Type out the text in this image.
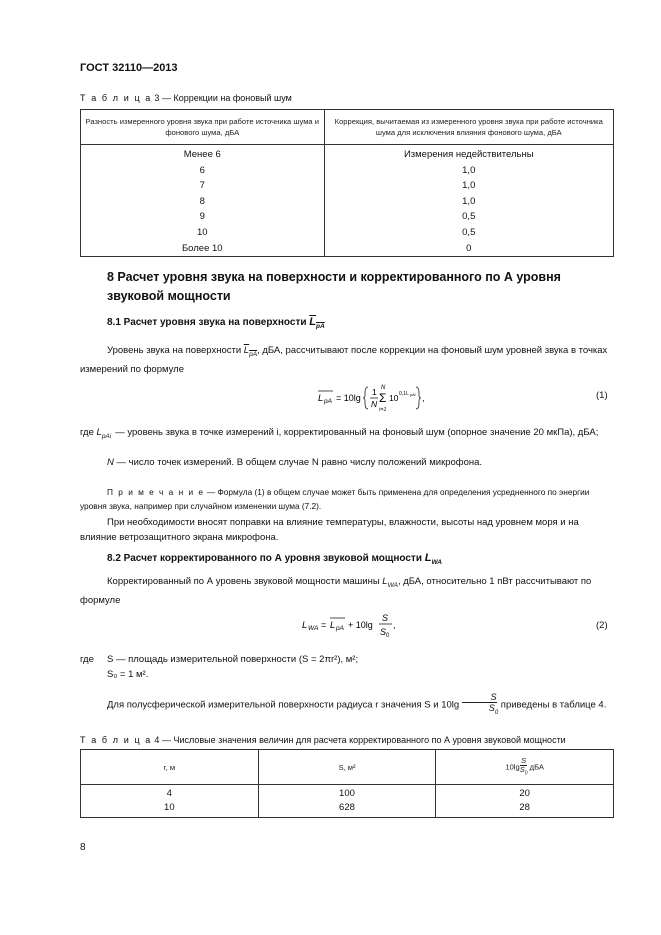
ГОСТ 32110—2013
Т а б л и ц а 3 — Коррекции на фоновый шум
Разность измеренного уровня звука при работе источника шума и фонового шума, дБА	Коррекция, вычитаемая из измеренного уровня звука при работе источника шума для исключения влияния фонового шума, дБА
Менее 6	Измерения недействительны
6	1,0
7	1,0
8	1,0
9	0,5
10	0,5
Более 10	0
8 Расчет уровня звука на поверхности и корректированного по А уровня звуковой мощности
8.1 Расчет уровня звука на поверхности $L_{pA}$
Уровень звука на поверхности $L_{pA}$, дБА, рассчитывают после коррекции на фоновый шум уровней звука в точках измерений по формуле
L pA = 10lg
1
N
N
Σ
i=1
10 0,1L pAi ,	(1)
где $L_{pAi}$ — уровень звука в точке измерений i, корректированный на фоновый шум (опорное значение 20 мкПа), дБА;
N — число точек измерений. В общем случае N равно числу положений микрофона.
П р и м е ч а н и е — Формула (1) в общем случае может быть применена для определения усредненного по энергии уровня звука, например при случайном изменении шума (7.2).
При необходимости вносят поправки на влияние температуры, влажности, высоты над уровнем моря и на влияние ветрозащитного экрана микрофона.
8.2 Расчет корректированного по А уровня звуковой мощности $L_{WA}$
Корректированный по А уровень звуковой мощности машины $L_{WA}$, дБА, относительно 1 пВт рассчитывают по формуле
L WA = L pA + 10lg
S
S 0
,	(2)
где S — площадь измерительной поверхности (S = 2πr²), м²;
S₀ = 1 м².
Для полусферической измерительной поверхности радиуса r значения S и $10\lg \frac{S}{S_0}$ приведены в таблице 4.
Т а б л и ц а 4 — Числовые значения величин для расчета корректированного по А уровня звуковой мощности
r, м	S, м²	$10\lg \frac{S}{S_0}$ дБА
4	100	20
10	628	28
8
